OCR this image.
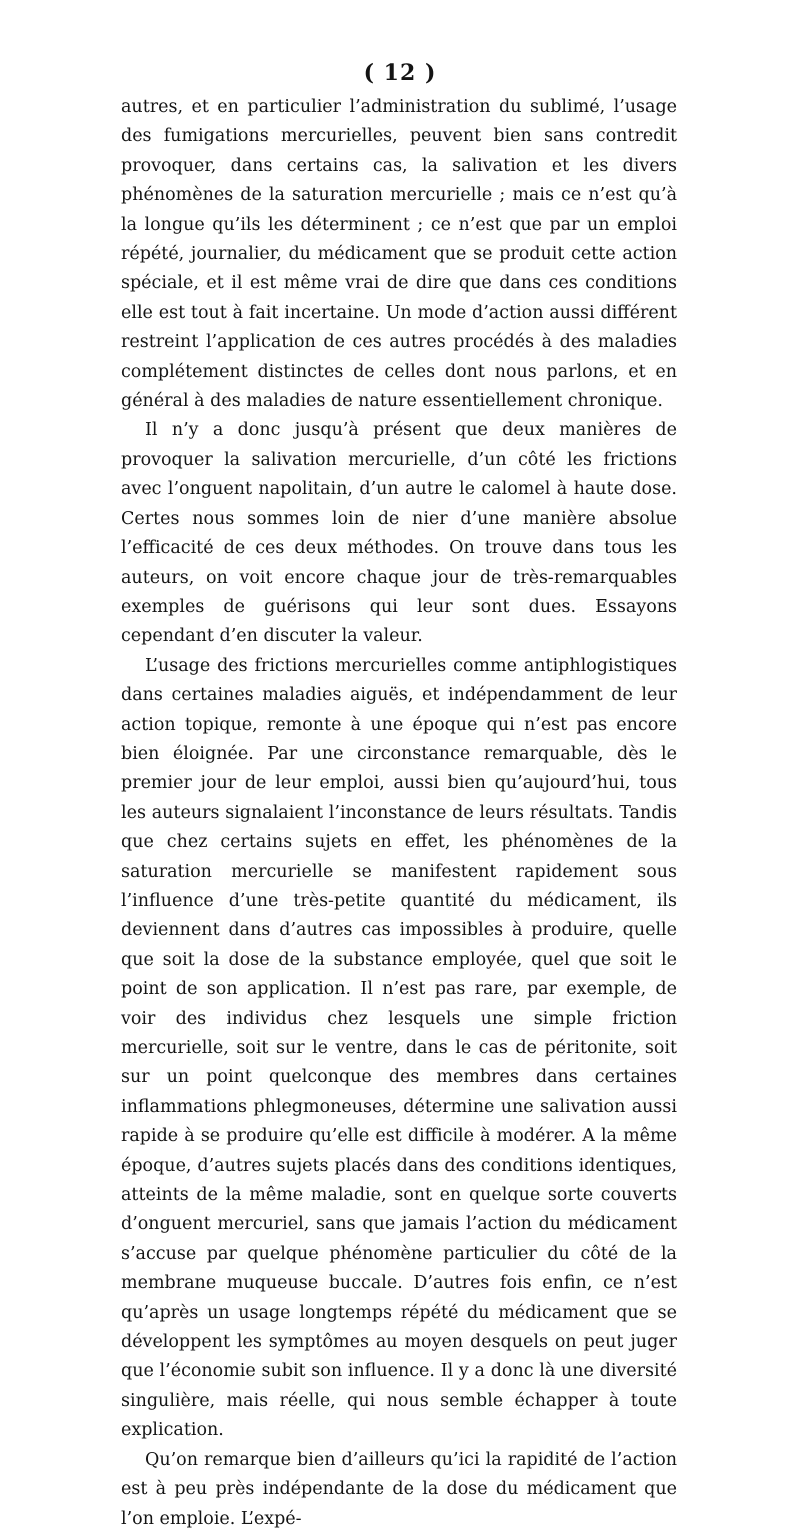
( 12 )

autres, et en particulier l’administration du sublimé, l’usage des fumigations mercurielles, peuvent bien sans contredit provoquer, dans certains cas, la salivation et les divers phénomènes de la saturation mercurielle ; mais ce n’est qu’à la longue qu’ils les déterminent ; ce n’est que par un emploi répété, journalier, du médicament que se produit cette action spéciale, et il est même vrai de dire que dans ces conditions elle est tout à fait incertaine. Un mode d’action aussi différent restreint l’application de ces autres procédés à des maladies complétement distinctes de celles dont nous parlons, et en général à des maladies de nature essentiellement chronique.

Il n’y a donc jusqu’à présent que deux manières de provoquer la salivation mercurielle, d’un côté les frictions avec l’onguent napolitain, d’un autre le calomel à haute dose. Certes nous sommes loin de nier d’une manière absolue l’efficacité de ces deux méthodes. On trouve dans tous les auteurs, on voit encore chaque jour de très-remarquables exemples de guérisons qui leur sont dues. Essayons cependant d’en discuter la valeur.

L’usage des frictions mercurielles comme antiphlogistiques dans certaines maladies aiguës, et indépendamment de leur action topique, remonte à une époque qui n’est pas encore bien éloignée. Par une circonstance remarquable, dès le premier jour de leur emploi, aussi bien qu’aujourd’hui, tous les auteurs signalaient l’inconstance de leurs résultats. Tandis que chez certains sujets en effet, les phénomènes de la saturation mercurielle se manifestent rapidement sous l’influence d’une très-petite quantité du médicament, ils deviennent dans d’autres cas impossibles à produire, quelle que soit la dose de la substance employée, quel que soit le point de son application. Il n’est pas rare, par exemple, de voir des individus chez lesquels une simple friction mercurielle, soit sur le ventre, dans le cas de péritonite, soit sur un point quelconque des membres dans certaines inflammations phlegmoneuses, détermine une salivation aussi rapide à se produire qu’elle est difficile à modérer. A la même époque, d’autres sujets placés dans des conditions identiques, atteints de la même maladie, sont en quelque sorte couverts d’onguent mercuriel, sans que jamais l’action du médicament s’accuse par quelque phénomène particulier du côté de la membrane muqueuse buccale. D’autres fois enfin, ce n’est qu’après un usage longtemps répété du médicament que se développent les symptômes au moyen desquels on peut juger que l’économie subit son influence. Il y a donc là une diversité singulière, mais réelle, qui nous semble échapper à toute explication.

Qu’on remarque bien d’ailleurs qu’ici la rapidité de l’action est à peu près indépendante de la dose du médicament que l’on emploie. L’expé-
